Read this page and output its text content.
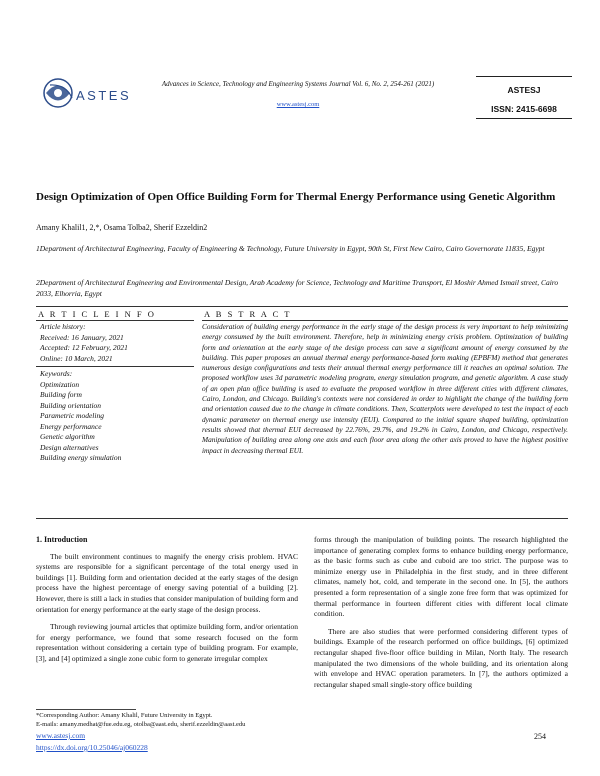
ASTES
Advances in Science, Technology and Engineering Systems Journal Vol. 6, No. 2, 254-261 (2021)
www.astesj.com
ASTESJ
ISSN: 2415-6698
Design Optimization of Open Office Building Form for Thermal Energy Performance using Genetic Algorithm
Amany Khalil1, 2,*, Osama Tolba2, Sherif Ezzeldin2
1Department of Architectural Engineering, Faculty of Engineering & Technology, Future University in Egypt, 90th St, First New Cairo, Cairo Governorate 11835, Egypt
2Department of Architectural Engineering and Environmental Design, Arab Academy for Science, Technology and Maritime Transport, El Moshir Ahmed Ismail street, Cairo 2033, Elhorria, Egypt
A R T I C L E I N F O	A B S T R A C T
Article history:
Received: 16 January, 2021
Accepted: 12 February, 2021
Online: 10 March, 2021
Keywords:
Optimization
Building form
Building orientation
Parametric modeling
Energy performance
Genetic algorithm
Design alternatives
Building energy simulation
Consideration of building energy performance in the early stage of the design process is very important to help minimizing energy consumed by the built environment. Therefore, help in minimizing energy crisis problem. Optimization of building form and orientation at the early stage of the design process can save a significant amount of energy consumed by the building. This paper proposes an annual thermal energy performance-based form making (EPBFM) method that generates numerous design configurations and tests their annual thermal energy performance till it reaches an optimal solution. The proposed workflow uses 3d parametric modeling program, energy simulation program, and genetic algorithm. A case study of an open plan office building is used to evaluate the proposed workflow in three different cities with different climates, Cairo, London, and Chicago. Building's contexts were not considered in order to highlight the change of the building form and orientation caused due to the change in climate conditions. Then, Scatterplots were developed to test the impact of each dynamic parameter on thermal energy use intensity (EUI). Compared to the initial square shaped building, optimization results showed that thermal EUI decreased by 22.76%, 29.7%, and 19.2% in Cairo, London, and Chicago, respectively. Manipulation of building area along one axis and each floor area along the other axis proved to have the highest positive impact in decreasing thermal EUI.
1. Introduction

The built environment continues to magnify the energy crisis problem. HVAC systems are responsible for a significant percentage of the total energy used in buildings [1]. Building form and orientation decided at the early stages of the design process have the highest percentage of energy saving potential of a building [2]. However, there is still a lack in studies that consider manipulation of building form and orientation for energy performance at the early stage of the design process.

Through reviewing journal articles that optimize building form, and/or orientation for energy performance, we found that some research focused on the form representation without considering a certain type of building program. For example, [3], and [4] optimized a single zone cubic form to generate irregular complex

forms through the manipulation of building points. The research highlighted the importance of generating complex forms to enhance building energy performance, as the basic forms such as cube and cuboid are too strict. The purpose was to minimize energy use in Philadelphia in the first study, and in three different climates, namely hot, cold, and temperate in the second one. In [5], the authors presented a form representation of a single zone free form that was optimized for thermal performance in fourteen different cities with different local climate condition.

There are also studies that were performed considering different types of buildings. Example of the research performed on office buildings, [6] optimized rectangular shaped five-floor office building in Milan, North Italy. The research manipulated the two dimensions of the whole building, and its orientation along with envelope and HVAC operation parameters. In [7], the authors optimized a rectangular shaped small single-story office building

*Corresponding Author: Amany Khalil, Future University in Egypt.
E-mails: amany.medhat@fue.edu.eg, otolba@aast.edu, sherif.ezzeldin@aast.edu
www.astesj.com
https://dx.doi.org/10.25046/aj060228
254
